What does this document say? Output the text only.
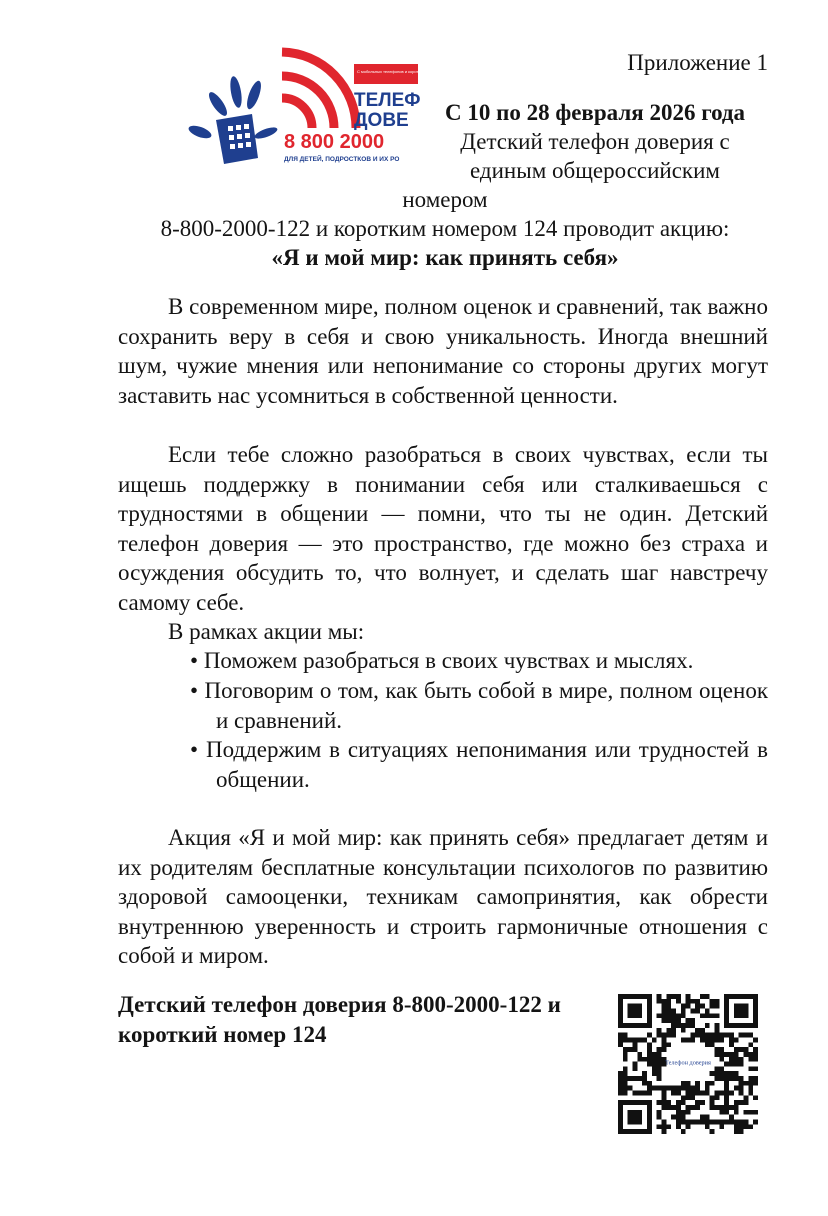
Приложение 1
С мобильных телефонов и короткий номер
ТЕЛЕФ
ДОВЕ
8 800 2000
ДЛЯ ДЕТЕЙ, ПОДРОСТКОВ И ИХ РО
С 10 по 28 февраля 2026 года
Детский телефон доверия с
единым общероссийским
номером
8-800-2000-122 и коротким номером 124 проводит акцию:
«Я и мой мир: как принять себя»
В современном мире, полном оценок и сравнений, так важно сохранить веру в себя и свою уникальность. Иногда внешний шум, чужие мнения или непонимание со стороны других могут заставить нас усомниться в собственной ценности.
Если тебе сложно разобраться в своих чувствах, если ты ищешь поддержку в понимании себя или сталкиваешься с трудностями в общении — помни, что ты не один. Детский телефон доверия — это пространство, где можно без страха и осуждения обсудить то, что волнует, и сделать шаг навстречу самому себе.
В рамках акции мы:
• Поможем разобраться в своих чувствах и мыслях.
• Поговорим о том, как быть собой в мире, полном оценок и сравнений.
• Поддержим в ситуациях непонимания или трудностей в общении.
Акция «Я и мой мир: как принять себя» предлагает детям и их родителям бесплатные консультации психологов по развитию здоровой самооценки, техникам самопринятия, как обрести внутреннюю уверенность и строить гармоничные отношения с собой и миром.
Детский телефон доверия 8-800-2000-122 и
короткий номер 124
Телефон доверия
